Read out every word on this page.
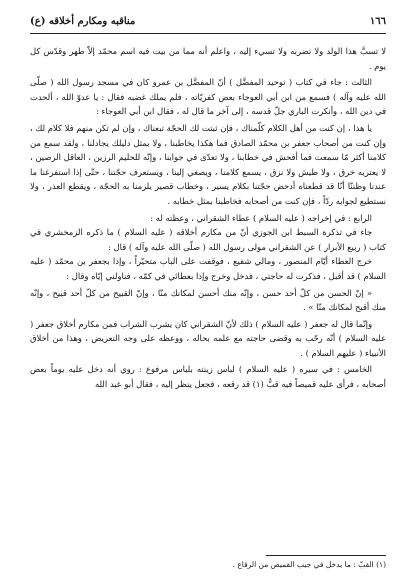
١٦٦
مناقبه ومكارم أخلاقه (ع)

لا تسبَّ هذا الولد ولا تضربه ولا تسيء إليه ، واعلم أنه مما من بيت فيه اسم محمّد إلاّ طهر وقدّس كل يوم .

الثالث : جاء في كتاب ( توحيد المفضَّل ) أنّ المفضَّل بن عمرو كان في مسجد رسول الله ( صلّى الله عليه وآله ) فسمع من ابن أبي العوجاء بعض كفريّاته ، فلم يملك غضبه فقال : يا عدوّ الله ، ألحدت في دين الله ، وأنكرت الباري جلّ قدسه ، إلى آخر ما قال له ، فقال ابن أبي العوجاء :

يا هذا ، إن كنت من أهل الكلام كلّمناك ، فإن ثبتت لك الحجّة تبعناك ، وإن لم تكن منهم فلا كلام لك ، وإن كنت من أصحاب جعفر بن محمّد الصادق فما هكذا يخاطبنا ، ولا بمثل دليلك يجادلنا ، ولقد سمع من كلامنا أكثر مّا سمعت فما أفحش في خطابنا ، ولا تعدّى في جوابنا ، وإنّه للحليم الرزين ، العاقل الرصين ، لا يعتريه خرق ، ولا طيش ولا نزق ، يسمع كلامنا ، ويصغي إلينا ، ويستعرف حجّتنا ، حتّى إذا استفرغنا ما عندنا وظننّا أنّا قد قطعناه أدحض حجّتنا بكلام يسير ، وخطاب قصير يلزمنا به الحجّة ، ويقطع العذر ، ولا نستطيع لجوابه ردّاً ، فإن كنت من أصحابه فخاطبنا بمثل خطابه .

الرابع : في إخراجه ( عليه السلام ) عطاء الشقراني ، وعظته له :

جاء في تذكرة السبط ابن الجوزي أنّ من مكارم أخلاقه ( عليه السلام ) ما ذكره الزمخشري في كتاب ( ربيع الأبرار ) عن الشقراني مولى رسول الله ( صلّى الله عليه وآله ) قال :

خرج العطاء أيّام المنصور ، ومالي شفيع ، فوقفت على الباب متحيّراً ، وإذا بجعفر بن محمّد ( عليه السلام ) قد أقبل ، فذكرت له حاجتي ، فدخل وخرج وإذا بعطائي في كمّه ، فناولني إيّاه وقال :

« إنّ الحسن من كلّ أحد حسن ، وإنّه منك أحسن لمكانك منّا ، وإنّ القبيح من كلّ أحد قبيح ، وإنّه منك أقبح لمكانك منّا » .

وإنّما قال له جعفر ( عليه السلام ) ذلك لأنّ الشقراني كان يشرب الشراب فمن مكارم أخلاق جعفر ( عليه السلام ) أنّه رحّب به وقضى حاجته مع علمه بحاله ، ووعظه على وجه التعريض ، وهذا من أخلاق الأنبياء ( عليهم السلام ) .

الخامس : في سيره ( عليه السلام ) لباس زينته بلباس مرفوع : روي أنه دخل عليه يوماً بعض أصحابه ، فرأى عليه قميصاً فيه قبٌّ (١) قد رقعه ، فجعل ينظر إليه ، فقال أبو عبد الله

(١) القبّ : ما يدخل في جيب القميص من الرقاع .
